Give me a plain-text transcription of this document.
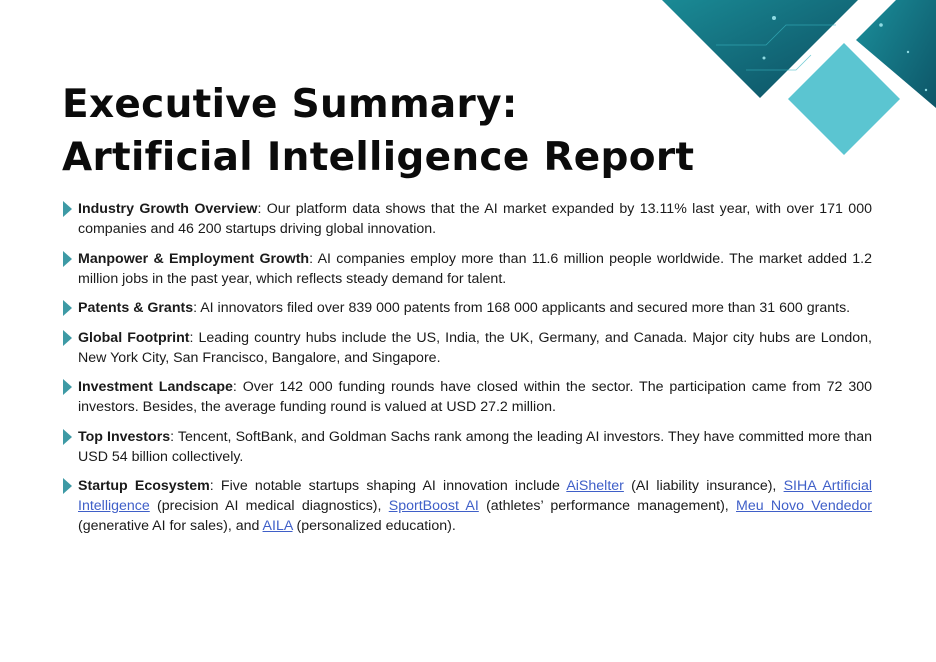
Executive Summary:
Artificial Intelligence Report
Industry Growth Overview: Our platform data shows that the AI market expanded by 13.11% last year, with over 171 000 companies and 46 200 startups driving global innovation.
Manpower & Employment Growth: AI companies employ more than 11.6 million people worldwide. The market added 1.2 million jobs in the past year, which reflects steady demand for talent.
Patents & Grants: AI innovators filed over 839 000 patents from 168 000 applicants and secured more than 31 600 grants.
Global Footprint: Leading country hubs include the US, India, the UK, Germany, and Canada. Major city hubs are London, New York City, San Francisco, Bangalore, and Singapore.
Investment Landscape: Over 142 000 funding rounds have closed within the sector. The participation came from 72 300 investors. Besides, the average funding round is valued at USD 27.2 million.
Top Investors: Tencent, SoftBank, and Goldman Sachs rank among the leading AI investors. They have committed more than USD 54 billion collectively.
Startup Ecosystem: Five notable startups shaping AI innovation include AiShelter (AI liability insurance), SIHA Artificial Intelligence (precision AI medical diagnostics), SportBoost AI (athletes’ performance management), Meu Novo Vendedor (generative AI for sales), and AILA (personalized education).
